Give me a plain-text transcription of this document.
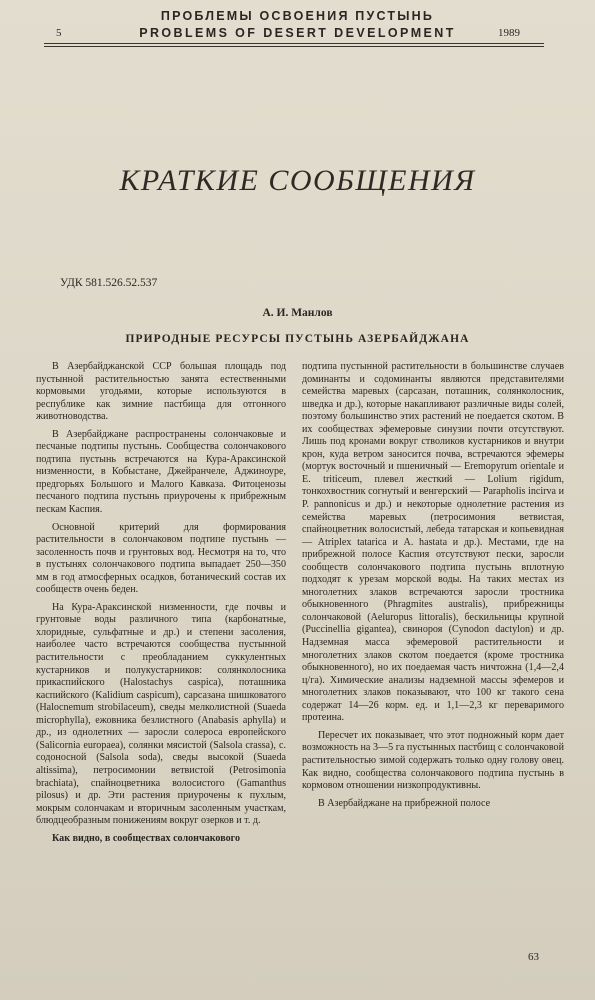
ПРОБЛЕМЫ ОСВОЕНИЯ ПУСТЫНЬ
5	PROBLEMS OF DESERT DEVELOPMENT	1989
КРАТКИЕ СООБЩЕНИЯ
УДК 581.526.52.537
А. И. Манлов
ПРИРОДНЫЕ РЕСУРСЫ ПУСТЫНЬ АЗЕРБАЙДЖАНА

В Азербайджанской ССР большая площадь под пустынной растительностью занята естественными кормовыми угодьями, которые используются в республике как зимние пастбища для отгонного животноводства.

В Азербайджане распространены солончаковые и песчаные подтипы пустынь. Сообщества солончакового подтипа пустынь встречаются на Кура-Араксинской низменности, в Кобыстане, Джейранчеле, Аджиноуре, предгорьях Большого и Малого Кавказа. Фитоценозы песчаного подтипа пустынь приурочены к прибрежным пескам Каспия.

Основной критерий для формирования растительности в солончаковом подтипе пустынь — засоленность почв и грунтовых вод. Несмотря на то, что в пустынях солончакового подтипа выпадает 250—350 мм в год атмосферных осадков, ботанический состав их сообществ очень беден.

На Кура-Араксинской низменности, где почвы и грунтовые воды различного типа (карбонатные, хлоридные, сульфатные и др.) и степени засоления, наиболее часто встречаются сообщества пустынной растительности с преобладанием суккулентных кустарников и полукустарников: солянколосника прикаспийского (Halostachys caspica), поташника каспийского (Kalidium caspicum), сарсазана шишковатого (Halocnemum strobilaceum), сведы мелколистной (Suaeda microphylla), ежовника безлистного (Anabasis aphylla) и др., из однолетних — заросли солероса европейского (Salicornia europaea), солянки мясистой (Salsola crassa), с. содоносной (Salsola soda), сведы высокой (Suaeda altissima), петросимонии ветвистой (Petrosimonia brachiata), спайноцветника волосистого (Gamanthus pilosus) и др. Эти растения приурочены к пухлым, мокрым солончакам и вторичным засоленным участкам, блюдцеобразным понижениям вокруг озерков и т. д.

Как видно, в сообществах солончакового

подтипа пустынной растительности в большинстве случаев доминанты и содоминанты являются представителями семейства маревых (сарсазан, поташник, солянколосник, шведка и др.), которые накапливают различные виды солей, поэтому большинство этих растений не поедается скотом. В их сообществах эфемеровые синузии почти отсутствуют. Лишь под кронами вокруг стволиков кустарников и внутри крон, куда ветром заносится почва, встречаются эфемеры (мортук восточный и пшеничный — Eremopyrum orientale и E. triticeum, плевел жесткий — Lolium rigidum, тонкохвостник согнутый и венгерский — Parapholis incirva и P. pannonicus и др.) и некоторые однолетние растения из семейства маревых (петросимония ветвистая, спайноцветник волосистый, лебеда татарская и копьевидная — Atriplex tatarica и A. hastata и др.). Местами, где на прибрежной полосе Каспия отсутствуют пески, заросли сообществ солончакового подтипа пустынь вплотную подходят к урезам морской воды. На таких местах из многолетних злаков встречаются заросли тростника обыкновенного (Phragmites australis), прибрежницы солончаковой (Aeluropus littoralis), бескильницы крупной (Puccinellia gigantea), свинороя (Cynodon dactylon) и др. Надземная масса эфемеровой растительности и многолетних злаков скотом поедается (кроме тростника обыкновенного), но их поедаемая часть ничтожна (1,4—2,4 ц/га). Химические анализы надземной массы эфемеров и многолетних злаков показывают, что 100 кг такого сена содержат 14—26 корм. ед. и 1,1—2,3 кг переваримого протеина.

Пересчет их показывает, что этот подножный корм дает возможность на 3—5 га пустынных пастбищ с солончаковой растительностью зимой содержать только одну голову овец. Как видно, сообщества солончакового подтипа пустынь в кормовом отношении низкопродуктивны.

В Азербайджане на прибрежной полосе

63
